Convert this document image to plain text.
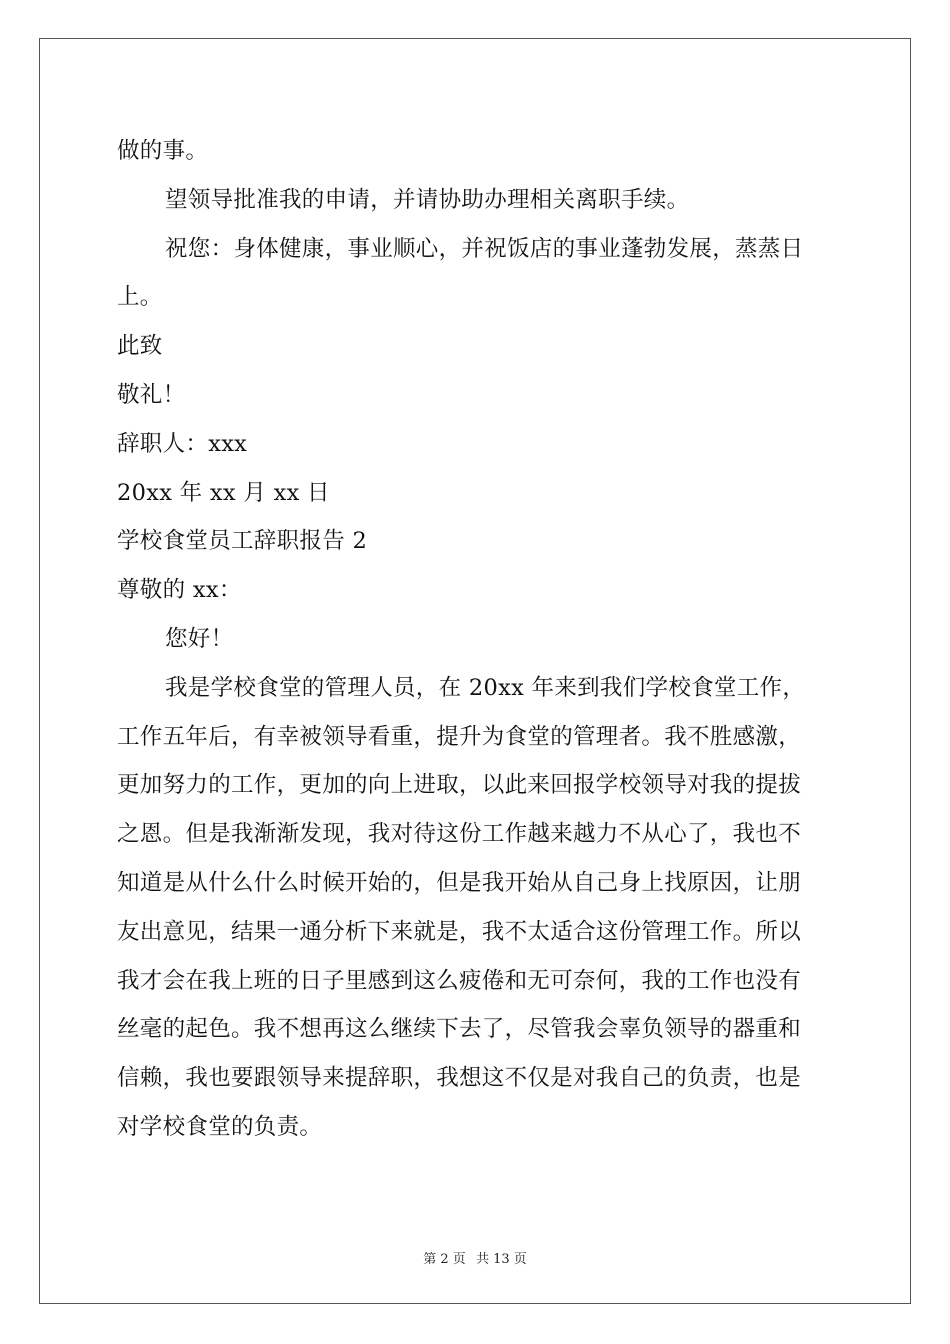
做的事。
望领导批准我的申请，并请协助办理相关离职手续。
祝您：身体健康，事业顺心，并祝饭店的事业蓬勃发展，蒸蒸日
上。
此致
敬礼！
辞职人：xxx
20xx 年 xx 月 xx 日
学校食堂员工辞职报告 2
尊敬的 xx：
您好！
我是学校食堂的管理人员，在 20xx 年来到我们学校食堂工作，
工作五年后，有幸被领导看重，提升为食堂的管理者。我不胜感激，
更加努力的工作，更加的向上进取，以此来回报学校领导对我的提拔
之恩。但是我渐渐发现，我对待这份工作越来越力不从心了，我也不
知道是从什么什么时候开始的，但是我开始从自己身上找原因，让朋
友出意见，结果一通分析下来就是，我不太适合这份管理工作。所以
我才会在我上班的日子里感到这么疲倦和无可奈何，我的工作也没有
丝毫的起色。我不想再这么继续下去了，尽管我会辜负领导的器重和
信赖，我也要跟领导来提辞职，我想这不仅是对我自己的负责，也是
对学校食堂的负责。
第 2 页 共 13 页
